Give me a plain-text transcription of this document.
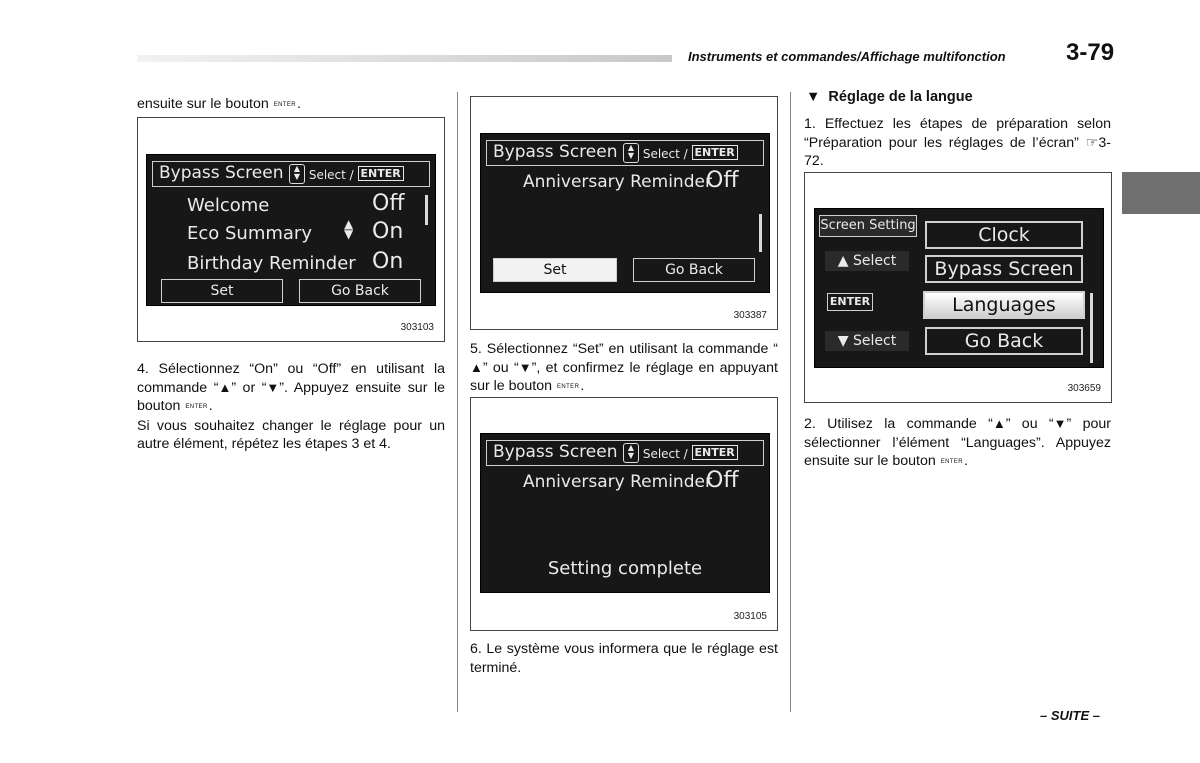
Instruments et commandes/Affichage multifonction	3-79
ensuite sur le bouton ENTER.
Bypass Screen	▲
▼ Select / ENTER
Welcome	Off
Eco Summary	▲
▼ On
Birthday Reminder On
Set	Go Back
303103

4. Sélectionnez “On” ou “Off” en utilisant la commande “▲” or “▼”. Appuyez ensuite sur le bouton ENTER.

Si vous souhaitez changer le réglage pour un autre élément, répétez les étapes 3 et 4.

Bypass Screen	▲
▼ Select / ENTER
Anniversary Reminder
Off
Set	Go Back
303387

5. Sélectionnez “Set” en utilisant la commande “▲” ou “▼”, et confirmez le réglage en appuyant sur le bouton ENTER.

Bypass Screen	▲
▼ Select / ENTER
Anniversary Reminder
Off
Setting complete
303105

6. Le système vous informera que le réglage est terminé.

▼ Réglage de la langue

1. Effectuez les étapes de préparation selon “Préparation pour les réglages de l’écran” ☞3-72.

Screen Setting
▲ Select
ENTER
▼ Select
Clock
Bypass Screen
Languages
Go Back
303659

2. Utilisez la commande “▲” ou “▼” pour sélectionner l’élément “Languages”. Appuyez ensuite sur le bouton ENTER.

– SUITE –
